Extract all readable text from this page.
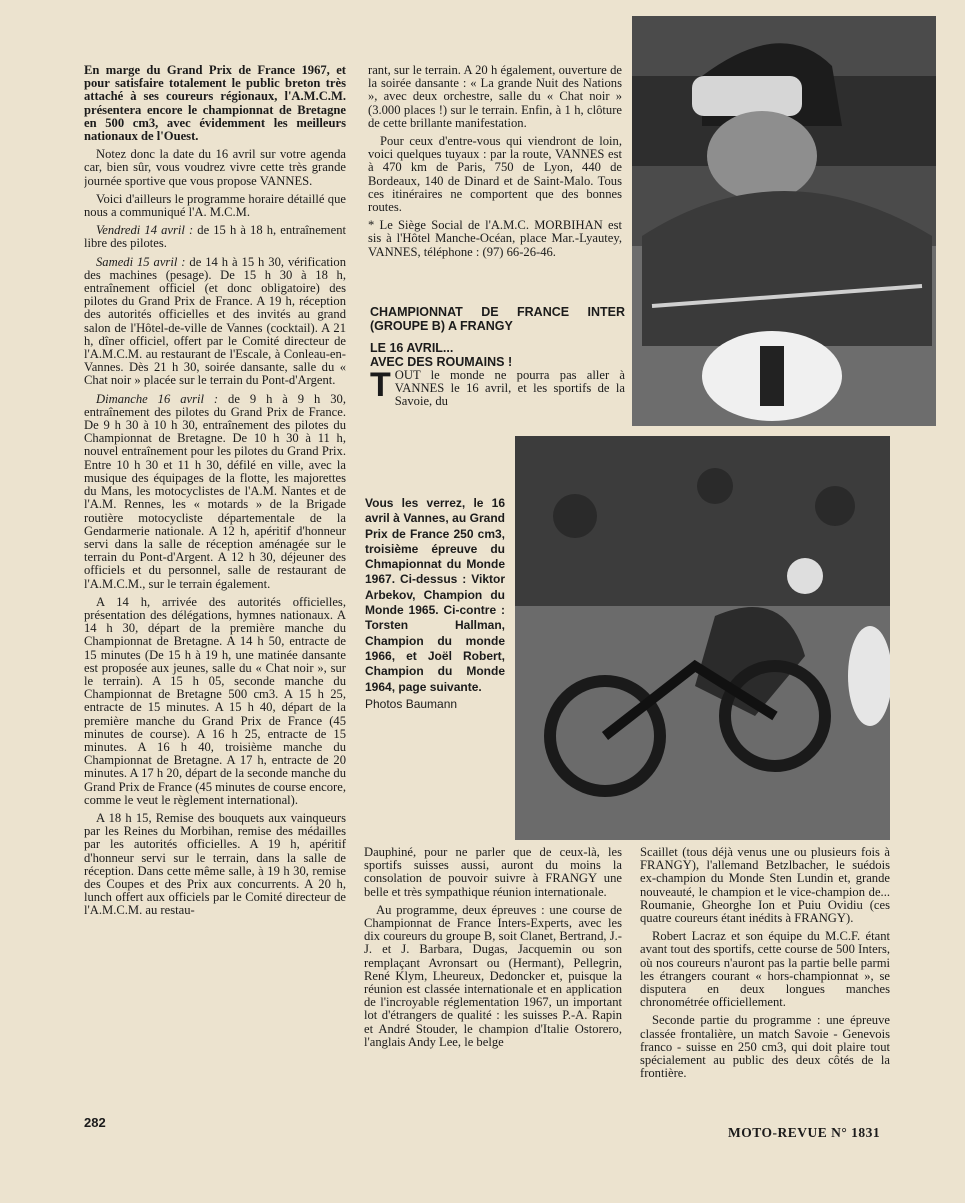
En marge du Grand Prix de France 1967, et pour satisfaire totalement le public breton très attaché à ses coureurs régionaux, l'A.M.C.M. présentera encore le championnat de Bretagne en 500 cm3, avec évidemment les meilleurs nationaux de l'Ouest.

Notez donc la date du 16 avril sur votre agenda car, bien sûr, vous voudrez vivre cette très grande journée sportive que vous propose VANNES.

Voici d'ailleurs le programme horaire détaillé que nous a communiqué l'A. M.C.M.

Vendredi 14 avril : de 15 h à 18 h, entraînement libre des pilotes.

Samedi 15 avril : de 14 h à 15 h 30, vérification des machines (pesage). De 15 h 30 à 18 h, entraînement officiel (et donc obligatoire) des pilotes du Grand Prix de France. A 19 h, réception des autorités officielles et des invités au grand salon de l'Hôtel-de-ville de Vannes (cocktail). A 21 h, dîner officiel, offert par le Comité directeur de l'A.M.C.M. au restaurant de l'Escale, à Conleau-en-Vannes. Dès 21 h 30, soirée dansante, salle du « Chat noir » placée sur le terrain du Pont-d'Argent.

Dimanche 16 avril : de 9 h à 9 h 30, entraînement des pilotes du Grand Prix de France. De 9 h 30 à 10 h 30, entraînement des pilotes du Championnat de Bretagne. De 10 h 30 à 11 h, nouvel entraînement pour les pilotes du Grand Prix. Entre 10 h 30 et 11 h 30, défilé en ville, avec la musique des équipages de la flotte, les majorettes du Mans, les motocyclistes de l'A.M. Nantes et de l'A.M. Rennes, les « motards » de la Brigade routière motocycliste départementale de la Gendarmerie nationale. A 12 h, apéritif d'honneur servi dans la salle de réception aménagée sur le terrain du Pont-d'Argent. A 12 h 30, déjeuner des officiels et du personnel, salle de restaurant de l'A.M.C.M., sur le terrain également.

A 14 h, arrivée des autorités officielles, présentation des délégations, hymnes nationaux. A 14 h 30, départ de la première manche du Championnat de Bretagne. A 14 h 50, entracte de 15 minutes (De 15 h à 19 h, une matinée dansante est proposée aux jeunes, salle du « Chat noir », sur le terrain). A 15 h 05, seconde manche du Championnat de Bretagne 500 cm3. A 15 h 25, entracte de 15 minutes. A 15 h 40, départ de la première manche du Grand Prix de France (45 minutes de course). A 16 h 25, entracte de 15 minutes. A 16 h 40, troisième manche du Championnat de Bretagne. A 17 h, entracte de 20 minutes. A 17 h 20, départ de la seconde manche du Grand Prix de France (45 minutes de course encore, comme le veut le règlement international).

A 18 h 15, Remise des bouquets aux vainqueurs par les Reines du Morbihan, remise des médailles par les autorités officielles. A 19 h, apéritif d'honneur servi sur le terrain, dans la salle de réception. Dans cette même salle, à 19 h 30, remise des Coupes et des Prix aux concurrents. A 20 h, lunch offert aux officiels par le Comité directeur de l'A.M.C.M. au restau-

rant, sur le terrain. A 20 h également, ouverture de la soirée dansante : « La grande Nuit des Nations », avec deux orchestre, salle du « Chat noir » (3.000 places !) sur le terrain. Enfin, à 1 h, clôture de cette brillante manifestation.

Pour ceux d'entre-vous qui viendront de loin, voici quelques tuyaux : par la route, VANNES est à 470 km de Paris, 750 de Lyon, 440 de Bordeaux, 140 de Dinard et de Saint-Malo. Tous ces itinéraires ne comportent que des bonnes routes.

* Le Siège Social de l'A.M.C. MORBIHAN est sis à l'Hôtel Manche-Océan, place Mar.-Lyautey, VANNES, téléphone : (97) 66-26-46.

CHAMPIONNAT DE FRANCE INTER (GROUPE B) A FRANGY
LE 16 AVRIL...
AVEC DES ROUMAINS !

TOUT le monde ne pourra pas aller à VANNES le 16 avril, et les sportifs de la Savoie, du

Vous les verrez, le 16 avril à Vannes, au Grand Prix de France 250 cm3, troisième épreuve du Chmapionnat du Monde 1967. Ci-dessus : Viktor Arbekov, Champion du Monde 1965. Ci-contre : Torsten Hallman, Champion du monde 1966, et Joël Robert, Champion du Monde 1964, page suivante.
Photos Baumann

Dauphiné, pour ne parler que de ceux-là, les sportifs suisses aussi, auront du moins la consolation de pouvoir suivre à FRANGY une belle et très sympathique réunion internationale.

Au programme, deux épreuves : une course de Championnat de France Inters-Experts, avec les dix coureurs du groupe B, soit Clanet, Bertrand, J.-J. et J. Barbara, Dugas, Jacquemin ou son remplaçant Avronsart ou (Hermant), Pellegrin, René Klym, Lheureux, Dedoncker et, puisque la réunion est classée internationale et en application de l'incroyable réglementation 1967, un important lot d'étrangers de qualité : les suisses P.-A. Rapin et André Stouder, le champion d'Italie Ostorero, l'anglais Andy Lee, le belge

Scaillet (tous déjà venus une ou plusieurs fois à FRANGY), l'allemand Betzlbacher, le suédois ex-champion du Monde Sten Lundin et, grande nouveauté, le champion et le vice-champion de... Roumanie, Gheorghe Ion et Puiu Ovidiu (ces quatre coureurs étant inédits à FRANGY).

Robert Lacraz et son équipe du M.C.F. étant avant tout des sportifs, cette course de 500 Inters, où nos coureurs n'auront pas la partie belle parmi les étrangers courant « hors-championnat », se disputera en deux longues manches chronométrée officiellement.

Seconde partie du programme : une épreuve classée frontalière, un match Savoie - Genevois franco - suisse en 250 cm3, qui doit plaire tout spécialement au public des deux côtés de la frontière.

282
MOTO-REVUE N° 1831
